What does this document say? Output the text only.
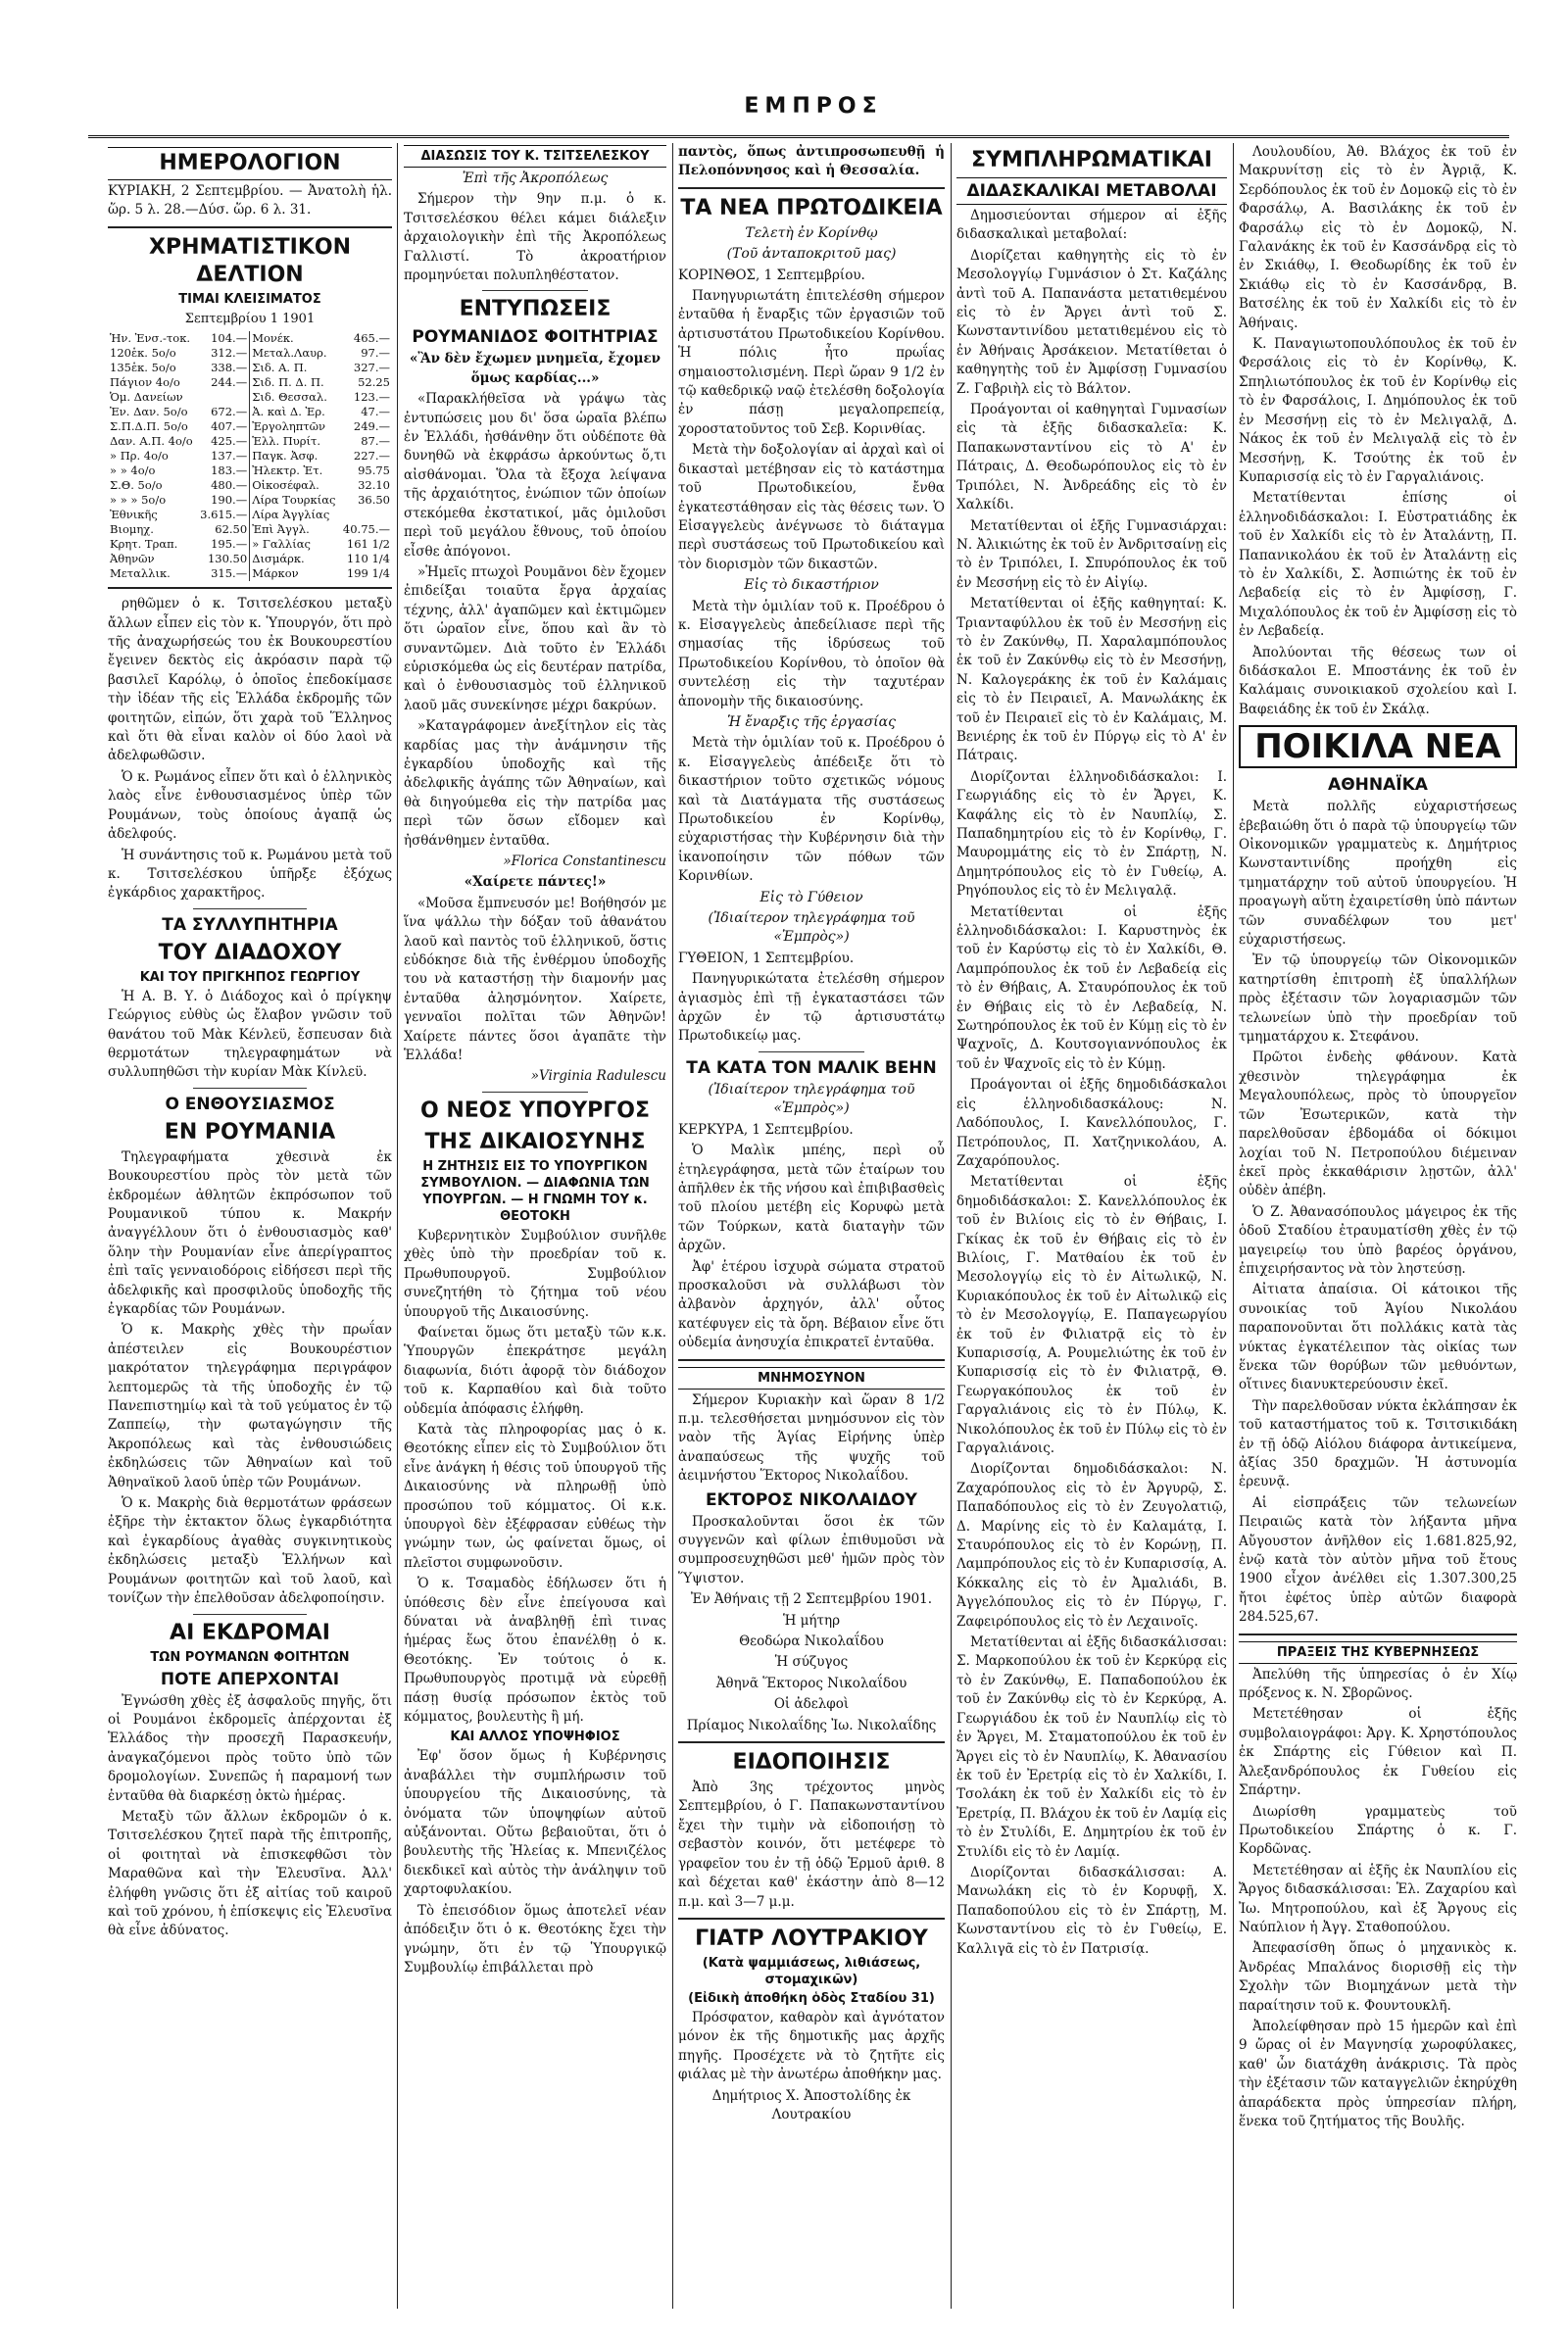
ΕΜΠΡΟΣ
ΗΜΕΡΟΛΟΓΙΟΝ

ΚΥΡΙΑΚΗ, 2 Σεπτεμβρίου. — Ἀνατολὴ ἡλ. ὥρ. 5 λ. 28.—Δύσ. ὥρ. 6 λ. 31.

ΧΡΗΜΑΤΙΣΤΙΚΟΝ ΔΕΛΤΙΟΝ
ΤΙΜΑΙ ΚΛΕΙΣΙΜΑΤΟΣ
Σεπτεμβρίου 1 1901
Ἡν. Ἐνσ.-τοκ.	104.—	Μονέκ.	465.—
120ἑκ. 5ο/ο	312.—	Μεταλ.Λαυρ.	97.—
135ἑκ. 5ο/ο	338.—	Σιδ. Α. Π.	327.—
Πάγιον 4ο/ο	244.—	Σιδ. Π. Δ. Π.	52.25
Ὁμ. Δανείων		Σιδ. Θεσσαλ.	123.—
Ἐν. Δαν. 5ο/ο	672.—	Ἀ. καὶ Δ. Ἐρ.	47.—
Σ.Π.Δ.Π. 5ο/ο	407.—	Ἐργοληπτῶν	249.—
Δαν. Α.Π. 4ο/ο	425.—	Ἑλλ. Πυρίτ.	87.—
» Πρ. 4ο/ο	137.—	Παγκ. Ἀσφ.	227.—
» » 4ο/ο	183.—	Ἠλεκτρ. Ἑτ.	95.75
Σ.Θ. 5ο/ο	480.—	Οἰκοσέφαλ.	32.10
» » » 5ο/ο	190.—	Λίρα Τουρκίας	36.50
Ἐθνικῆς	3.615.—	Λίρα Ἀγγλίας	
Βιομηχ.	62.50	Ἐπὶ Ἀγγλ.	40.75.—
Κρητ. Τραπ.	195.—	» Γαλλίας	161 1/2
Ἀθηνῶν	130.50	Δισμάρκ.	110 1/4
Μεταλλικ.	315.—	Μάρκον	199 1/4

ρηθῶμεν ὁ κ. Τσιτσελέσκου μεταξὺ ἄλλων εἶπεν εἰς τὸν κ. Ὑπουργόν, ὅτι πρὸ τῆς ἀναχωρήσεώς του ἐκ Βουκουρεστίου ἔγεινεν δεκτὸς εἰς ἀκρόασιν παρὰ τῷ βασιλεῖ Καρόλῳ, ὁ ὁποῖος ἐπεδοκίμασε τὴν ἰδέαν τῆς εἰς Ἑλλάδα ἐκδρομῆς τῶν φοιτητῶν, εἰπών, ὅτι χαρὰ τοῦ Ἕλληνος καὶ ὅτι θὰ εἶναι καλὸν οἱ δύο λαοὶ νὰ ἀδελφωθῶσιν.

Ὁ κ. Ρωμάνος εἶπεν ὅτι καὶ ὁ ἑλληνικὸς λαὸς εἶνε ἐνθουσιασμένος ὑπὲρ τῶν Ρουμάνων, τοὺς ὁποίους ἀγαπᾷ ὡς ἀδελφούς.

Ἡ συνάντησις τοῦ κ. Ρωμάνου μετὰ τοῦ κ. Τσιτσελέσκου ὑπῆρξε ἐξόχως ἐγκάρδιος χαρακτῆρος.

ΤΑ ΣΥΛΛΥΠΗΤΗΡΙΑ
ΤΟΥ ΔΙΑΔΟΧΟΥ
ΚΑΙ ΤΟΥ ΠΡΙΓΚΗΠΟΣ ΓΕΩΡΓΙΟΥ

Ἡ Α. Β. Υ. ὁ Διάδοχος καὶ ὁ πρίγκηψ Γεώργιος εὐθὺς ὡς ἔλαβον γνῶσιν τοῦ θανάτου τοῦ Μὰκ Κένλεϋ, ἔσπευσαν διὰ θερμοτάτων τηλεγραφημάτων νὰ συλλυπηθῶσι τὴν κυρίαν Μὰκ Κίνλεϋ.

Ο ΕΝΘΟΥΣΙΑΣΜΟΣ
ΕΝ ΡΟΥΜΑΝΙΑ

Τηλεγραφήματα χθεσινὰ ἐκ Βουκουρεστίου πρὸς τὸν μετὰ τῶν ἐκδρομέων ἀθλητῶν ἐκπρόσωπον τοῦ Ρουμανικοῦ τύπου κ. Μακρήν ἀναγγέλλουν ὅτι ὁ ἐνθουσιασμὸς καθ' ὅλην τὴν Ρουμανίαν εἶνε ἀπερίγραπτος ἐπὶ ταῖς γενναιοδόροις εἰδήσεσι περὶ τῆς ἀδελφικῆς καὶ προσφιλοῦς ὑποδοχῆς τῆς ἐγκαρδίας τῶν Ρουμάνων.

Ὁ κ. Μακρὴς χθὲς τὴν πρωΐαν ἀπέστειλεν εἰς Βουκουρέστιον μακρότατον τηλεγράφημα περιγράφον λεπτομερῶς τὰ τῆς ὑποδοχῆς ἐν τῷ Πανεπιστημίῳ καὶ τὰ τοῦ γεύματος ἐν τῷ Ζαππείῳ, τὴν φωταγώγησιν τῆς Ἀκροπόλεως καὶ τὰς ἐνθουσιώδεις ἐκδηλώσεις τῶν Ἀθηναίων καὶ τοῦ Ἀθηναϊκοῦ λαοῦ ὑπὲρ τῶν Ρουμάνων.

Ὁ κ. Μακρὴς διὰ θερμοτάτων φράσεων ἐξῆρε τὴν ἐκτακτον ὅλως ἐγκαρδιότητα καὶ ἐγκαρδίους ἀγαθὰς συγκινητικοὺς ἐκδηλώσεις μεταξὺ Ἑλλήνων καὶ Ρουμάνων φοιτητῶν καὶ τοῦ λαοῦ, καὶ τονίζων τὴν ἐπελθοῦσαν ἀδελφοποίησιν.

ΑΙ ΕΚΔΡΟΜΑΙ
ΤΩΝ ΡΟΥΜΑΝΩΝ ΦΟΙΤΗΤΩΝ
ΠΟΤΕ ΑΠΕΡΧΟΝΤΑΙ

Ἐγνώσθη χθὲς ἐξ ἀσφαλοῦς πηγῆς, ὅτι οἱ Ρουμάνοι ἐκδρομεῖς ἀπέρχονται ἐξ Ἑλλάδος τὴν προσεχῆ Παρασκευήν, ἀναγκαζόμενοι πρὸς τοῦτο ὑπὸ τῶν δρομολογίων. Συνεπῶς ἡ παραμονή των ἐνταῦθα θὰ διαρκέσῃ ὀκτὼ ἡμέρας.

Μεταξὺ τῶν ἄλλων ἐκδρομῶν ὁ κ. Τσιτσελέσκου ζητεῖ παρὰ τῆς ἐπιτροπῆς, οἱ φοιτηταὶ νὰ ἐπισκεφθῶσι τὸν Μαραθῶνα καὶ τὴν Ἐλευσῖνα. Ἀλλ' ἐλήφθη γνῶσις ὅτι ἐξ αἰτίας τοῦ καιροῦ καὶ τοῦ χρόνου, ἡ ἐπίσκεψις εἰς Ἐλευσῖνα θὰ εἶνε ἀδύνατος.

ΔΙΑΣΩΣΙΣ ΤΟΥ Κ. ΤΣΙΤΣΕΛΕΣΚΟΥ
Ἐπὶ τῆς Ἀκροπόλεως

Σήμερον τὴν 9ην π.μ. ὁ κ. Τσιτσελέσκου θέλει κάμει διάλεξιν ἀρχαιολογικὴν ἐπὶ τῆς Ἀκροπόλεως Γαλλιστί. Τὸ ἀκροατήριον προμηνύεται πολυπληθέστατον.

ΕΝΤΥΠΩΣΕΙΣ
ΡΟΥΜΑΝΙΔΟΣ ΦΟΙΤΗΤΡΙΑΣ

«Ἂν δὲν ἔχωμεν μνημεῖα, ἔχομεν ὅμως καρδίας...»

«Παρακλήθεῖσα νὰ γράψω τὰς ἐντυπώσεις μου δι' ὅσα ὡραῖα βλέπω ἐν Ἑλλάδι, ἠσθάνθην ὅτι οὐδέποτε θὰ δυνηθῶ νὰ ἐκφράσω ἀρκούντως ὅ,τι αἰσθάνομαι. Ὅλα τὰ ἔξοχα λείψανα τῆς ἀρχαιότητος, ἐνώπιον τῶν ὁποίων στεκόμεθα ἐκστατικοί, μᾶς ὁμιλοῦσι περὶ τοῦ μεγάλου ἔθνους, τοῦ ὁποίου εἶσθε ἀπόγονοι.

»Ἡμεῖς πτωχοὶ Ρουμᾶνοι δὲν ἔχομεν ἐπιδείξαι τοιαῦτα ἔργα ἀρχαίας τέχνης, ἀλλ' ἀγαπῶμεν καὶ ἐκτιμῶμεν ὅτι ὡραῖον εἶνε, ὅπου καὶ ἂν τὸ συναντῶμεν. Διὰ τοῦτο ἐν Ἑλλάδι εὑρισκόμεθα ὡς εἰς δευτέραν πατρίδα, καὶ ὁ ἐνθουσιασμὸς τοῦ ἑλληνικοῦ λαοῦ μᾶς συνεκίνησε μέχρι δακρύων.

»Καταγράφομεν ἀνεξίτηλον εἰς τὰς καρδίας μας τὴν ἀνάμνησιν τῆς ἐγκαρδίου ὑποδοχῆς καὶ τῆς ἀδελφικῆς ἀγάπης τῶν Ἀθηναίων, καὶ θὰ διηγούμεθα εἰς τὴν πατρίδα μας περὶ τῶν ὅσων εἴδομεν καὶ ἠσθάνθημεν ἐνταῦθα.

»Florica Constantinescu

«Χαίρετε πάντες!»

«Μοῦσα ἔμπνευσόν με! Βοήθησόν με ἵνα ψάλλω τὴν δόξαν τοῦ ἀθανάτου λαοῦ καὶ παντὸς τοῦ ἑλληνικοῦ, ὅστις εὐδόκησε διὰ τῆς ἐνθέρμου ὑποδοχῆς του νὰ καταστήσῃ τὴν διαμονήν μας ἐνταῦθα ἀλησμόνητον. Χαίρετε, γενναῖοι πολῖται τῶν Ἀθηνῶν! Χαίρετε πάντες ὅσοι ἀγαπᾶτε τὴν Ἑλλάδα!

»Virginia Radulescu

Ο ΝΕΟΣ ΥΠΟΥΡΓΟΣ
ΤΗΣ ΔΙΚΑΙΟΣΥΝΗΣ
Η ΖΗΤΗΣΙΣ ΕΙΣ ΤΟ ΥΠΟΥΡΓΙΚΟΝ ΣΥΜΒΟΥΛΙΟΝ. — ΔΙΑΦΩΝΙΑ ΤΩΝ ΥΠΟΥΡΓΩΝ. — Η ΓΝΩΜΗ ΤΟΥ κ. ΘΕΟΤΟΚΗ

Κυβερνητικὸν Συμβούλιον συνῆλθε χθὲς ὑπὸ τὴν προεδρίαν τοῦ κ. Πρωθυπουργοῦ. Συμβούλιον συνεζητήθη τὸ ζήτημα τοῦ νέου ὑπουργοῦ τῆς Δικαιοσύνης.

Φαίνεται ὅμως ὅτι μεταξὺ τῶν κ.κ. Ὑπουργῶν ἐπεκράτησε μεγάλη διαφωνία, διότι ἀφορᾷ τὸν διάδοχον τοῦ κ. Καρπαθίου καὶ διὰ τοῦτο οὐδεμία ἀπόφασις ἐλήφθη.

Κατὰ τὰς πληροφορίας μας ὁ κ. Θεοτόκης εἶπεν εἰς τὸ Συμβούλιον ὅτι εἶνε ἀνάγκη ἡ θέσις τοῦ ὑπουργοῦ τῆς Δικαιοσύνης νὰ πληρωθῇ ὑπὸ προσώπου τοῦ κόμματος. Οἱ κ.κ. ὑπουργοὶ δὲν ἐξέφρασαν εὐθέως τὴν γνώμην των, ὡς φαίνεται ὅμως, οἱ πλεῖστοι συμφωνοῦσιν.

Ὁ κ. Τσαμαδὸς ἐδήλωσεν ὅτι ἡ ὑπόθεσις δὲν εἶνε ἐπείγουσα καὶ δύναται νὰ ἀναβληθῇ ἐπὶ τινας ἡμέρας ἕως ὅτου ἐπανέλθῃ ὁ κ. Θεοτόκης. Ἐν τούτοις ὁ κ. Πρωθυπουργὸς προτιμᾷ νὰ εὑρεθῇ πάσῃ θυσίᾳ πρόσωπον ἐκτὸς τοῦ κόμματος, βουλευτὴς ἢ μή.

ΚΑΙ ΑΛΛΟΣ ΥΠΟΨΗΦΙΟΣ

Ἐφ' ὅσον ὅμως ἡ Κυβέρνησις ἀναβάλλει τὴν συμπλήρωσιν τοῦ ὑπουργείου τῆς Δικαιοσύνης, τὰ ὀνόματα τῶν ὑποψηφίων αὐτοῦ αὐξάνονται. Οὕτω βεβαιοῦται, ὅτι ὁ βουλευτὴς τῆς Ἠλείας κ. Μπενιζέλος διεκδικεῖ καὶ αὐτὸς τὴν ἀνάληψιν τοῦ χαρτοφυλακίου.

Τὸ ἐπεισόδιον ὅμως ἀποτελεῖ νέαν ἀπόδειξιν ὅτι ὁ κ. Θεοτόκης ἔχει τὴν γνώμην, ὅτι ἐν τῷ Ὑπουργικῷ Συμβουλίῳ ἐπιβάλλεται πρὸ

παντὸς, ὅπως ἀντιπροσωπευθῇ ἡ Πελοπόννησος καὶ ἡ Θεσσαλία.

ΤΑ ΝΕΑ ΠΡΩΤΟΔΙΚΕΙΑ
Τελετὴ ἐν Κορίνθῳ
(Τοῦ ἀνταποκριτοῦ μας)

ΚΟΡΙΝΘΟΣ, 1 Σεπτεμβρίου.

Πανηγυριωτάτη ἐπιτελέσθη σήμερον ἐνταῦθα ἡ ἔναρξις τῶν ἐργασιῶν τοῦ ἀρτισυστάτου Πρωτοδικείου Κορίνθου. Ἡ πόλις ἦτο πρωΐας σημαιοστολισμένη. Περὶ ὥραν 9 1/2 ἐν τῷ καθεδρικῷ ναῷ ἐτελέσθη δοξολογία ἐν πάσῃ μεγαλοπρεπείᾳ, χοροστατοῦντος τοῦ Σεβ. Κορινθίας.

Μετὰ τὴν δοξολογίαν αἱ ἀρχαὶ καὶ οἱ δικασταὶ μετέβησαν εἰς τὸ κατάστημα τοῦ Πρωτοδικείου, ἔνθα ἐγκατεστάθησαν εἰς τὰς θέσεις των. Ὁ Εἰσαγγελεὺς ἀνέγνωσε τὸ διάταγμα περὶ συστάσεως τοῦ Πρωτοδικείου καὶ τὸν διορισμὸν τῶν δικαστῶν.

Εἰς τὸ δικαστήριον

Μετὰ τὴν ὁμιλίαν τοῦ κ. Προέδρου ὁ κ. Εἰσαγγελεὺς ἀπεδείλιασε περὶ τῆς σημασίας τῆς ἱδρύσεως τοῦ Πρωτοδικείου Κορίνθου, τὸ ὁποῖον θὰ συντελέσῃ εἰς τὴν ταχυτέραν ἀπονομὴν τῆς δικαιοσύνης.

Ἡ ἔναρξις τῆς ἐργασίας

Μετὰ τὴν ὁμιλίαν τοῦ κ. Προέδρου ὁ κ. Εἰσαγγελεὺς ἀπέδειξε ὅτι τὸ δικαστήριον τοῦτο σχετικῶς νόμους καὶ τὰ Διατάγματα τῆς συστάσεως Πρωτοδικείου ἐν Κορίνθῳ, εὐχαριστήσας τὴν Κυβέρνησιν διὰ τὴν ἱκανοποίησιν τῶν πόθων τῶν Κορινθίων.

Εἰς τὸ Γύθειον
(Ἰδιαίτερον τηλεγράφημα τοῦ «Ἐμπρὸς»)

ΓΥΘΕΙΟΝ, 1 Σεπτεμβρίου.

Πανηγυρικώτατα ἐτελέσθη σήμερον ἀγιασμὸς ἐπὶ τῇ ἐγκαταστάσει τῶν ἀρχῶν ἐν τῷ ἀρτισυστάτῳ Πρωτοδικείῳ μας.

ΤΑ ΚΑΤΑ ΤΟΝ ΜΑΛΙΚ ΒΕΗΝ
(Ἰδιαίτερον τηλεγράφημα τοῦ «Ἐμπρὸς»)

ΚΕΡΚΥΡΑ, 1 Σεπτεμβρίου.

Ὁ Μαλὶκ μπέης, περὶ οὗ ἐτηλεγράφησα, μετὰ τῶν ἑταίρων του ἀπῆλθεν ἐκ τῆς νήσου καὶ ἐπιβιβασθεὶς τοῦ πλοίου μετέβη εἰς Κορυφὼ μετὰ τῶν Τούρκων, κατὰ διαταγὴν τῶν ἀρχῶν.

Ἀφ' ἑτέρου ἰσχυρὰ σώματα στρατοῦ προσκαλοῦσι νὰ συλλάβωσι τὸν ἀλβανὸν ἀρχηγόν, ἀλλ' οὗτος κατέφυγεν εἰς τὰ ὄρη. Βέβαιον εἶνε ὅτι οὐδεμία ἀνησυχία ἐπικρατεῖ ἐνταῦθα.

ΜΝΗΜΟΣΥΝΟΝ

Σήμερον Κυριακὴν καὶ ὥραν 8 1/2 π.μ. τελεσθήσεται μνημόσυνον εἰς τὸν ναὸν τῆς Ἁγίας Εἰρήνης ὑπὲρ ἀναπαύσεως τῆς ψυχῆς τοῦ ἀειμνήστου Ἕκτορος Νικολαΐδου.

ΕΚΤΟΡΟΣ ΝΙΚΟΛΑΙΔΟΥ

Προσκαλοῦνται ὅσοι ἐκ τῶν συγγενῶν καὶ φίλων ἐπιθυμοῦσι νὰ συμπροσευχηθῶσι μεθ' ἡμῶν πρὸς τὸν Ὕψιστον.

Ἐν Ἀθήναις τῇ 2 Σεπτεμβρίου 1901.

Ἡ μήτηρ

Θεοδώρα Νικολαΐδου

Ἡ σύζυγος

Ἀθηνᾶ Ἕκτορος Νικολαΐδου

Οἱ ἀδελφοὶ

Πρίαμος Νικολαΐδης Ἰω. Νικολαΐδης

ΕΙΔΟΠΟΙΗΣΙΣ

Ἀπὸ 3ης τρέχοντος μηνὸς Σεπτεμβρίου, ὁ Γ. Παπακωνσταντίνου ἔχει τὴν τιμὴν νὰ εἰδοποιήσῃ τὸ σεβαστὸν κοινόν, ὅτι μετέφερε τὸ γραφεῖον του ἐν τῇ ὁδῷ Ἑρμοῦ ἀριθ. 8 καὶ δέχεται καθ' ἑκάστην ἀπὸ 8—12 π.μ. καὶ 3—7 μ.μ.

ΓΙΑΤΡ ΛΟΥΤΡΑΚΙΟΥ
(Κατὰ ψαμμιάσεως, λιθιάσεως, στομαχικῶν)
(Εἰδικὴ ἀποθήκη ὁδὸς Σταδίου 31)

Πρόσφατον, καθαρὸν καὶ ἀγνότατον μόνον ἐκ τῆς δημοτικῆς μας ἀρχῆς πηγῆς. Προσέχετε νὰ τὸ ζητῆτε εἰς φιάλας μὲ τὴν ἀνωτέρω ἀποθήκην μας.

Δημήτριος Χ. Ἀποστολίδης ἐκ Λουτρακίου

ΣΥΜΠΛΗΡΩΜΑΤΙΚΑΙ
ΔΙΔΑΣΚΑΛΙΚΑΙ ΜΕΤΑΒΟΛΑΙ

Δημοσιεύονται σήμερον αἱ ἑξῆς διδασκαλικαὶ μεταβολαί:

Διορίζεται καθηγητὴς εἰς τὸ ἐν Μεσολογγίῳ Γυμνάσιον ὁ Στ. Καζάλης ἀντὶ τοῦ Α. Παπανάστα μετατιθεμένου εἰς τὸ ἐν Ἄργει ἀντὶ τοῦ Σ. Κωνσταντινίδου μετατιθεμένου εἰς τὸ ἐν Ἀθήναις Ἀρσάκειον. Μετατίθεται ὁ καθηγητὴς τοῦ ἐν Ἀμφίσσῃ Γυμνασίου Ζ. Γαβριὴλ εἰς τὸ Βάλτον.

Προάγονται οἱ καθηγηταὶ Γυμνασίων εἰς τὰ ἑξῆς διδασκαλεῖα: Κ. Παπακωνσταντίνου εἰς τὸ Α' ἐν Πάτραις, Δ. Θεοδωρόπουλος εἰς τὸ ἐν Τριπόλει, Ν. Ἀνδρεάδης εἰς τὸ ἐν Χαλκίδι.

Μετατίθενται οἱ ἑξῆς Γυμνασιάρχαι: Ν. Ἀλικιώτης ἐκ τοῦ ἐν Ἀνδριτσαίνῃ εἰς τὸ ἐν Τριπόλει, Ι. Σπυρόπουλος ἐκ τοῦ ἐν Μεσσήνῃ εἰς τὸ ἐν Αἰγίῳ.

Μετατίθενται οἱ ἑξῆς καθηγηταί: Κ. Τριανταφύλλου ἐκ τοῦ ἐν Μεσσήνῃ εἰς τὸ ἐν Ζακύνθῳ, Π. Χαραλαμπόπουλος ἐκ τοῦ ἐν Ζακύνθῳ εἰς τὸ ἐν Μεσσήνῃ, Ν. Καλογεράκης ἐκ τοῦ ἐν Καλάμαις εἰς τὸ ἐν Πειραιεῖ, Α. Μανωλάκης ἐκ τοῦ ἐν Πειραιεῖ εἰς τὸ ἐν Καλάμαις, Μ. Βενιέρης ἐκ τοῦ ἐν Πύργῳ εἰς τὸ Α' ἐν Πάτραις.

Διορίζονται ἑλληνοδιδάσκαλοι: Ι. Γεωργιάδης εἰς τὸ ἐν Ἄργει, Κ. Καφάλης εἰς τὸ ἐν Ναυπλίῳ, Σ. Παπαδημητρίου εἰς τὸ ἐν Κορίνθῳ, Γ. Μαυρομμάτης εἰς τὸ ἐν Σπάρτῃ, Ν. Δημητρόπουλος εἰς τὸ ἐν Γυθείῳ, Α. Ρηγόπουλος εἰς τὸ ἐν Μελιγαλᾷ.

Μετατίθενται οἱ ἑξῆς ἑλληνοδιδάσκαλοι: Ι. Καρυστηνὸς ἐκ τοῦ ἐν Καρύστῳ εἰς τὸ ἐν Χαλκίδι, Θ. Λαμπρόπουλος ἐκ τοῦ ἐν Λεβαδείᾳ εἰς τὸ ἐν Θήβαις, Α. Σταυρόπουλος ἐκ τοῦ ἐν Θήβαις εἰς τὸ ἐν Λεβαδείᾳ, Ν. Σωτηρόπουλος ἐκ τοῦ ἐν Κύμῃ εἰς τὸ ἐν Ψαχνοῖς, Δ. Κουτσογιαννόπουλος ἐκ τοῦ ἐν Ψαχνοῖς εἰς τὸ ἐν Κύμῃ.

Προάγονται οἱ ἑξῆς δημοδιδάσκαλοι εἰς ἑλληνοδιδασκάλους: Ν. Λαδόπουλος, Ι. Κανελλόπουλος, Γ. Πετρόπουλος, Π. Χατζηνικολάου, Α. Ζαχαρόπουλος.

Μετατίθενται οἱ ἑξῆς δημοδιδάσκαλοι: Σ. Κανελλόπουλος ἐκ τοῦ ἐν Βιλίοις εἰς τὸ ἐν Θήβαις, Ι. Γκίκας ἐκ τοῦ ἐν Θήβαις εἰς τὸ ἐν Βιλίοις, Γ. Ματθαίου ἐκ τοῦ ἐν Μεσολογγίῳ εἰς τὸ ἐν Αἰτωλικῷ, Ν. Κυριακόπουλος ἐκ τοῦ ἐν Αἰτωλικῷ εἰς τὸ ἐν Μεσολογγίῳ, Ε. Παπαγεωργίου ἐκ τοῦ ἐν Φιλιατρᾷ εἰς τὸ ἐν Κυπαρισσίᾳ, Α. Ρουμελιώτης ἐκ τοῦ ἐν Κυπαρισσίᾳ εἰς τὸ ἐν Φιλιατρᾷ, Θ. Γεωργακόπουλος ἐκ τοῦ ἐν Γαργαλιάνοις εἰς τὸ ἐν Πύλῳ, Κ. Νικολόπουλος ἐκ τοῦ ἐν Πύλῳ εἰς τὸ ἐν Γαργαλιάνοις.

Διορίζονται δημοδιδάσκαλοι: Ν. Ζαχαρόπουλος εἰς τὸ ἐν Ἀργυρῷ, Σ. Παπαδόπουλος εἰς τὸ ἐν Ζευγολατιῷ, Δ. Μαρίνης εἰς τὸ ἐν Καλαμάτᾳ, Ι. Σταυρόπουλος εἰς τὸ ἐν Κορώνῃ, Π. Λαμπρόπουλος εἰς τὸ ἐν Κυπαρισσίᾳ, Α. Κόκκαλης εἰς τὸ ἐν Ἀμαλιάδι, Β. Ἀγγελόπουλος εἰς τὸ ἐν Πύργῳ, Γ. Ζαφειρόπουλος εἰς τὸ ἐν Λεχαινοῖς.

Μετατίθενται αἱ ἑξῆς διδασκάλισσαι: Σ. Μαρκοπούλου ἐκ τοῦ ἐν Κερκύρᾳ εἰς τὸ ἐν Ζακύνθῳ, Ε. Παπαδοπούλου ἐκ τοῦ ἐν Ζακύνθῳ εἰς τὸ ἐν Κερκύρᾳ, Α. Γεωργιάδου ἐκ τοῦ ἐν Ναυπλίῳ εἰς τὸ ἐν Ἄργει, Μ. Σταματοπούλου ἐκ τοῦ ἐν Ἄργει εἰς τὸ ἐν Ναυπλίῳ, Κ. Ἀθανασίου ἐκ τοῦ ἐν Ἐρετρίᾳ εἰς τὸ ἐν Χαλκίδι, Ι. Τσολάκη ἐκ τοῦ ἐν Χαλκίδι εἰς τὸ ἐν Ἐρετρίᾳ, Π. Βλάχου ἐκ τοῦ ἐν Λαμίᾳ εἰς τὸ ἐν Στυλίδι, Ε. Δημητρίου ἐκ τοῦ ἐν Στυλίδι εἰς τὸ ἐν Λαμίᾳ.

Διορίζονται διδασκάλισσαι: Α. Μανωλάκη εἰς τὸ ἐν Κορυφῇ, Χ. Παπαδοπούλου εἰς τὸ ἐν Σπάρτῃ, Μ. Κωνσταντίνου εἰς τὸ ἐν Γυθείῳ, Ε. Καλλιγᾶ εἰς τὸ ἐν Πατρισίᾳ.

Λουλουδίου, Ἀθ. Βλάχος ἐκ τοῦ ἐν Μακρυνίτσῃ εἰς τὸ ἐν Ἀγριᾷ, Κ. Σερδόπουλος ἐκ τοῦ ἐν Δομοκῷ εἰς τὸ ἐν Φαρσάλῳ, Α. Βασιλάκης ἐκ τοῦ ἐν Φαρσάλῳ εἰς τὸ ἐν Δομοκῷ, Ν. Γαλανάκης ἐκ τοῦ ἐν Κασσάνδρᾳ εἰς τὸ ἐν Σκιάθῳ, Ι. Θεοδωρίδης ἐκ τοῦ ἐν Σκιάθῳ εἰς τὸ ἐν Κασσάνδρᾳ, Β. Βατσέλης ἐκ τοῦ ἐν Χαλκίδι εἰς τὸ ἐν Ἀθήναις.

Κ. Παναγιωτοπουλόπουλος ἐκ τοῦ ἐν Φερσάλοις εἰς τὸ ἐν Κορίνθῳ, Κ. Σπηλιωτόπουλος ἐκ τοῦ ἐν Κορίνθῳ εἰς τὸ ἐν Φαρσάλοις, Ι. Δημόπουλος ἐκ τοῦ ἐν Μεσσήνῃ εἰς τὸ ἐν Μελιγαλᾷ, Δ. Νάκος ἐκ τοῦ ἐν Μελιγαλᾷ εἰς τὸ ἐν Μεσσήνῃ, Κ. Τσούτης ἐκ τοῦ ἐν Κυπαρισσίᾳ εἰς τὸ ἐν Γαργαλιάνοις.

Μετατίθενται ἐπίσης οἱ ἑλληνοδιδάσκαλοι: Ι. Εὐστρατιάδης ἐκ τοῦ ἐν Χαλκίδι εἰς τὸ ἐν Ἀταλάντῃ, Π. Παπανικολάου ἐκ τοῦ ἐν Ἀταλάντῃ εἰς τὸ ἐν Χαλκίδι, Σ. Ἀσπιώτης ἐκ τοῦ ἐν Λεβαδείᾳ εἰς τὸ ἐν Ἀμφίσσῃ, Γ. Μιχαλόπουλος ἐκ τοῦ ἐν Ἀμφίσσῃ εἰς τὸ ἐν Λεβαδείᾳ.

Ἀπολύονται τῆς θέσεως των οἱ διδάσκαλοι Ε. Μποστάνης ἐκ τοῦ ἐν Καλάμαις συνοικιακοῦ σχολείου καὶ Ι. Βαφειάδης ἐκ τοῦ ἐν Σκάλᾳ.

ΠΟΙΚΙΛΑ ΝΕΑ
ΑΘΗΝΑΪΚΑ

Μετὰ πολλῆς εὐχαριστήσεως ἐβεβαιώθη ὅτι ὁ παρὰ τῷ ὑπουργείῳ τῶν Οἰκονομικῶν γραμματεὺς κ. Δημήτριος Κωνσταντινίδης προήχθη εἰς τμηματάρχην τοῦ αὐτοῦ ὑπουργείου. Ἡ προαγωγὴ αὕτη ἐχαιρετίσθη ὑπὸ πάντων τῶν συναδέλφων του μετ' εὐχαριστήσεως.

Ἐν τῷ ὑπουργείῳ τῶν Οἰκονομικῶν κατηρτίσθη ἐπιτροπὴ ἐξ ὑπαλλήλων πρὸς ἐξέτασιν τῶν λογαριασμῶν τῶν τελωνείων ὑπὸ τὴν προεδρίαν τοῦ τμηματάρχου κ. Στεφάνου.

Πρῶτοι ἐνδεὴς φθάνουν. Κατὰ χθεσινὸν τηλεγράφημα ἐκ Μεγαλουπόλεως, πρὸς τὸ ὑπουργεῖον τῶν Ἐσωτερικῶν, κατὰ τὴν παρελθοῦσαν ἑβδομάδα οἱ δόκιμοι λοχίαι τοῦ Ν. Πετροπούλου διέμειναν ἐκεῖ πρὸς ἐκκαθάρισιν λῃστῶν, ἀλλ' οὐδὲν ἀπέβη.

Ὁ Ζ. Ἀθανασόπουλος μάγειρος ἐκ τῆς ὁδοῦ Σταδίου ἐτραυματίσθη χθὲς ἐν τῷ μαγειρείῳ του ὑπὸ βαρέος ὀργάνου, ἐπιχειρήσαντος νὰ τὸν ληστεύσῃ.

Αἰτιατα ἀπαίσια. Οἱ κάτοικοι τῆς συνοικίας τοῦ Ἁγίου Νικολάου παραπονοῦνται ὅτι πολλάκις κατὰ τὰς νύκτας ἐγκατέλειπον τὰς οἰκίας των ἕνεκα τῶν θορύβων τῶν μεθυόντων, οἵτινες διανυκτερεύουσιν ἐκεῖ.

Τὴν παρελθοῦσαν νύκτα ἐκλάπησαν ἐκ τοῦ καταστήματος τοῦ κ. Τσιτσικιδάκη ἐν τῇ ὁδῷ Αἰόλου διάφορα ἀντικείμενα, ἀξίας 350 δραχμῶν. Ἡ ἀστυνομία ἐρευνᾷ.

Αἱ εἰσπράξεις τῶν τελωνείων Πειραιῶς κατὰ τὸν λήξαντα μῆνα Αὔγουστον ἀνῆλθον εἰς 1.681.825,92, ἐνῷ κατὰ τὸν αὐτὸν μῆνα τοῦ ἔτους 1900 εἶχον ἀνέλθει εἰς 1.307.300,25 ἤτοι ἐφέτος ὑπὲρ αὐτῶν διαφορὰ 284.525,67.

ΠΡΑΞΕΙΣ ΤΗΣ ΚΥΒΕΡΝΗΣΕΩΣ

Ἀπελύθη τῆς ὑπηρεσίας ὁ ἐν Χίῳ πρόξενος κ. Ν. Σβορῶνος.

Μετετέθησαν οἱ ἑξῆς συμβολαιογράφοι: Ἀργ. Κ. Χρηστόπουλος ἐκ Σπάρτης εἰς Γύθειον καὶ Π. Ἀλεξανδρόπουλος ἐκ Γυθείου εἰς Σπάρτην.

Διωρίσθη γραμματεὺς τοῦ Πρωτοδικείου Σπάρτης ὁ κ. Γ. Κορδῶνας.

Μετετέθησαν αἱ ἑξῆς ἐκ Ναυπλίου εἰς Ἄργος διδασκάλισσαι: Ἑλ. Ζαχαρίου καὶ Ἰω. Μητροπούλου, καὶ ἐξ Ἄργους εἰς Ναύπλιον ἡ Ἀγγ. Σταθοπούλου.

Ἀπεφασίσθη ὅπως ὁ μηχανικὸς κ. Ἀνδρέας Μπαλάνος διορισθῇ εἰς τὴν Σχολὴν τῶν Βιομηχάνων μετὰ τὴν παραίτησιν τοῦ κ. Φουντουκλῆ.

Ἀπολείφθησαν πρὸ 15 ἡμερῶν καὶ ἐπὶ 9 ὥρας οἱ ἐν Μαγνησίᾳ χωροφύλακες, καθ' ὧν διατάχθη ἀνάκρισις. Τὰ πρὸς τὴν ἐξέτασιν τῶν καταγγελιῶν ἐκηρύχθη ἀπαράδεκτα πρὸς ὑπηρεσίαν πλήρη, ἕνεκα τοῦ ζητήματος τῆς Βουλῆς.
